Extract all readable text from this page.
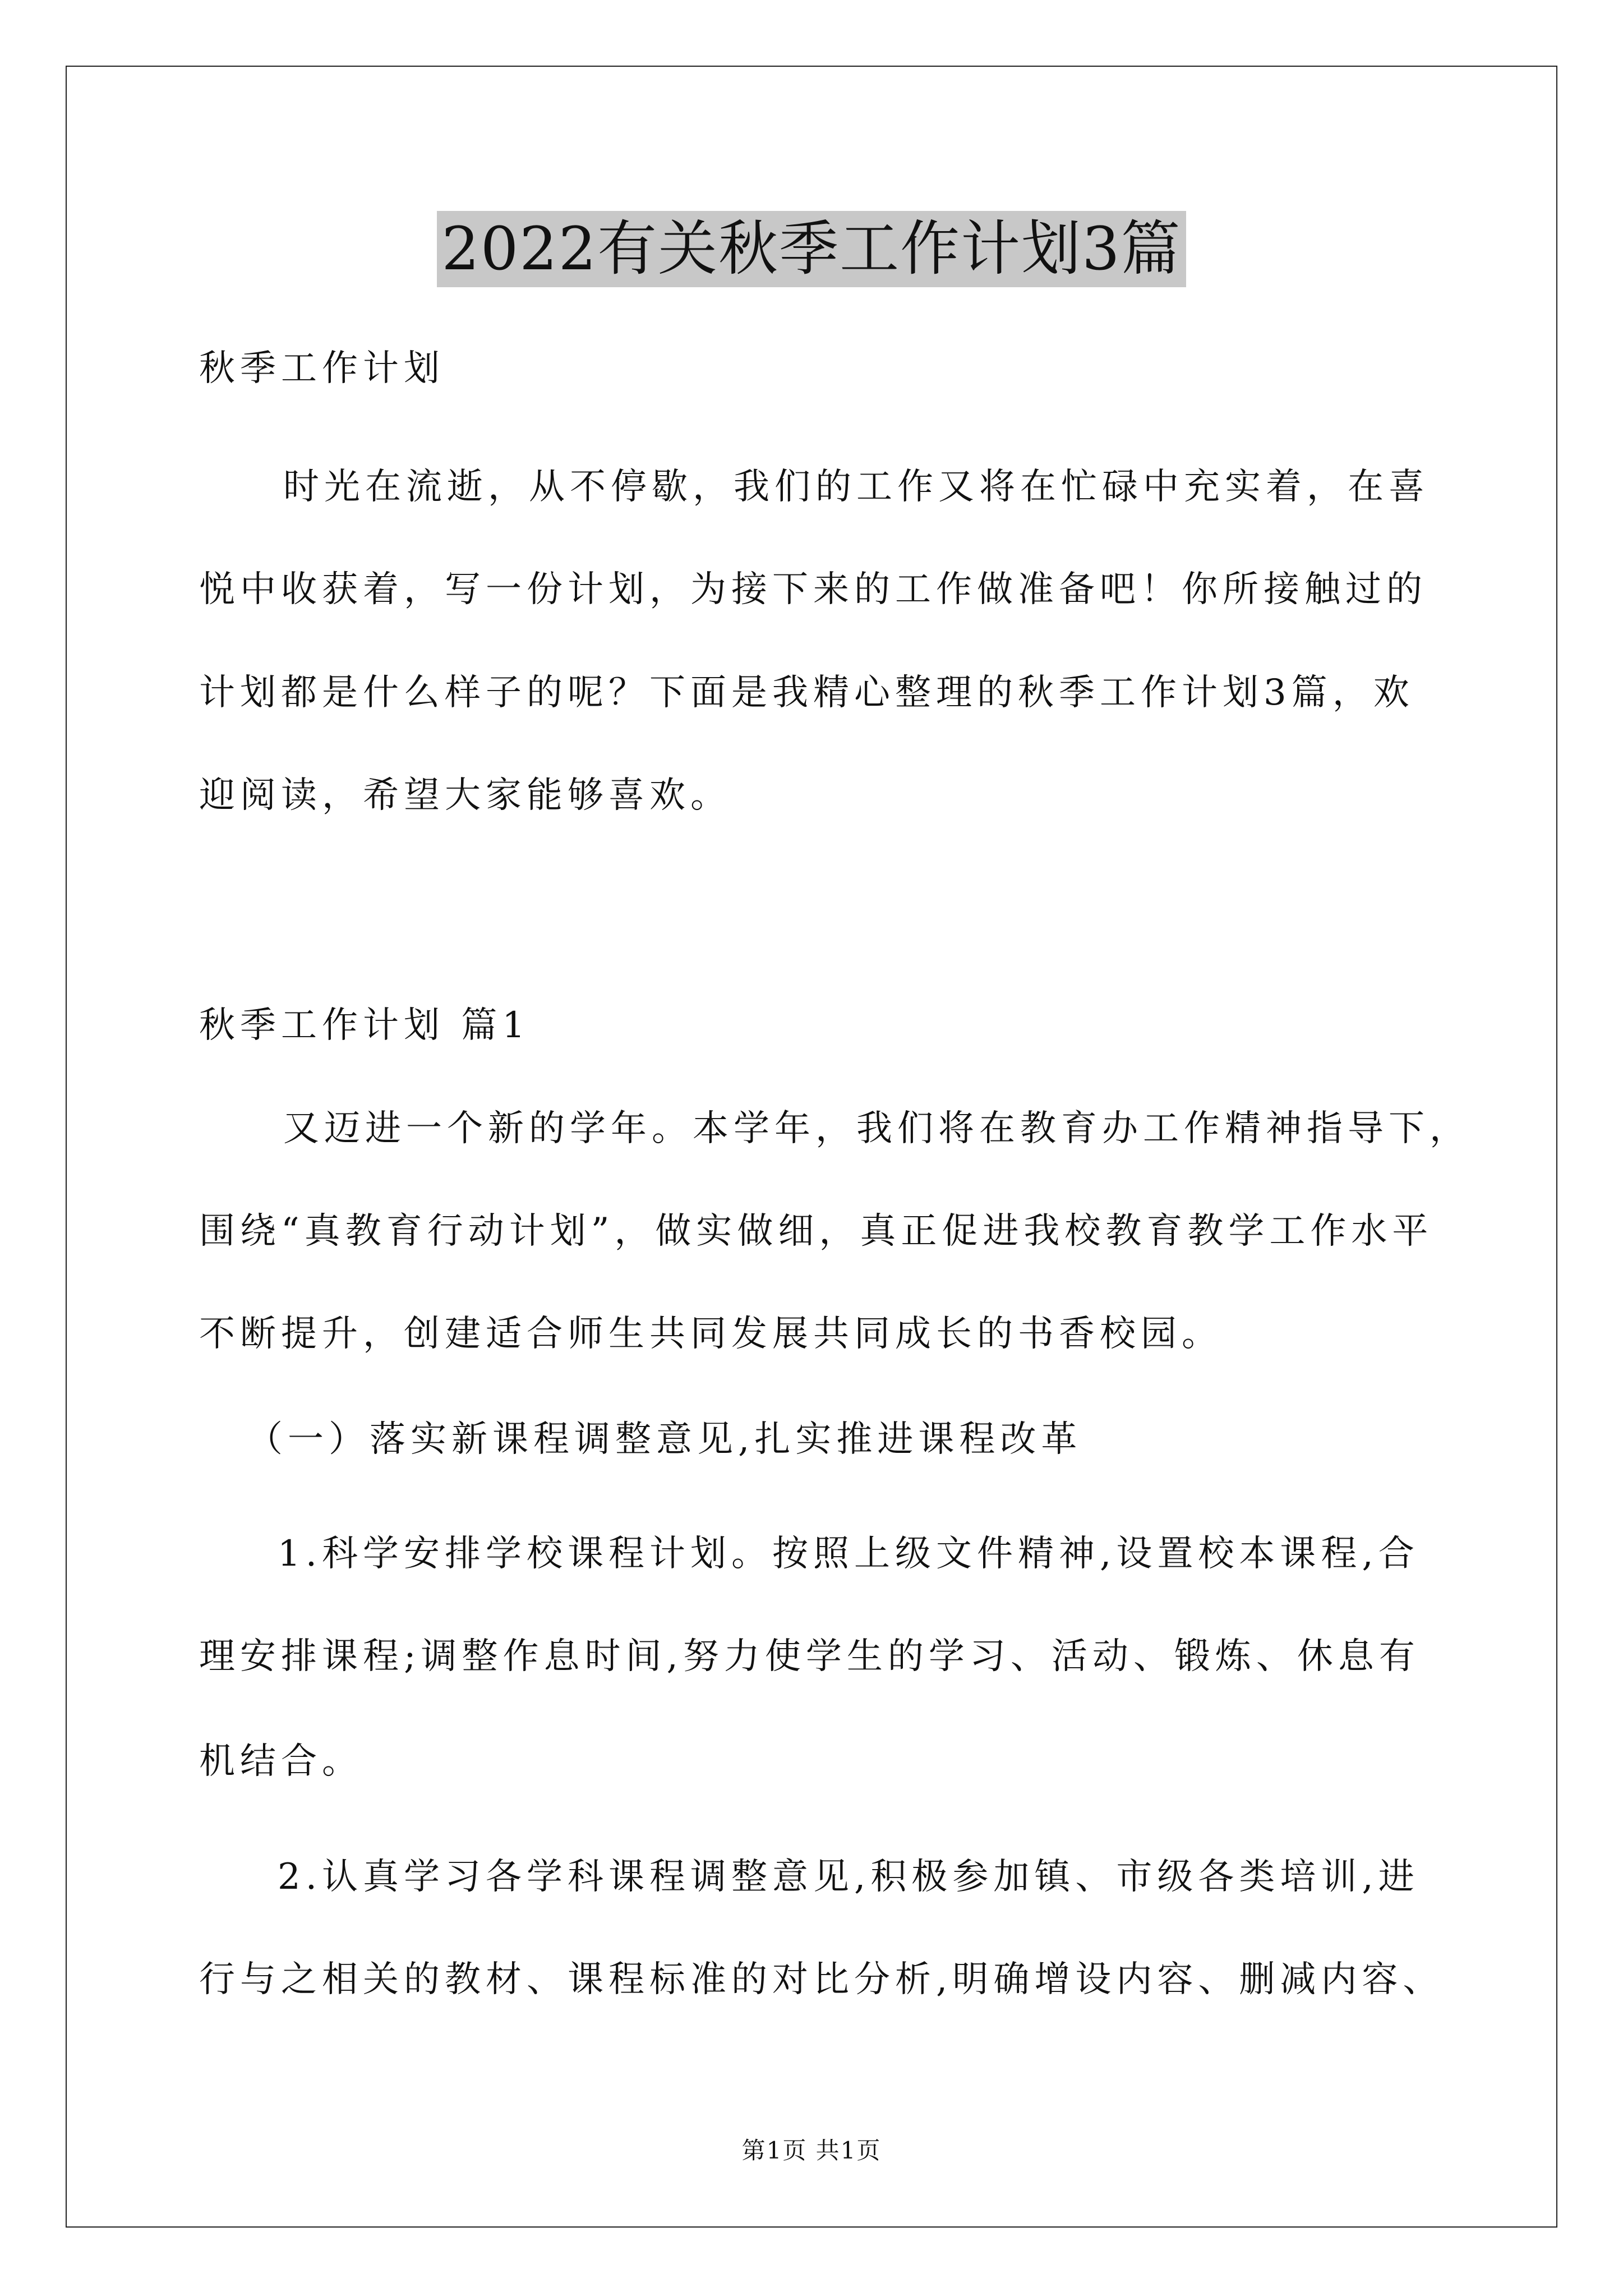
2022有关秋季工作计划3篇
秋季工作计划
时光在流逝，从不停歇，我们的工作又将在忙碌中充实着，在喜
悦中收获着，写一份计划，为接下来的工作做准备吧！你所接触过的
计划都是什么样子的呢？下面是我精心整理的秋季工作计划3篇，欢
迎阅读，希望大家能够喜欢。
秋季工作计划 篇1
又迈进一个新的学年。本学年，我们将在教育办工作精神指导下，
围绕“真教育行动计划”，做实做细，真正促进我校教育教学工作水平
不断提升，创建适合师生共同发展共同成长的书香校园。
（一）落实新课程调整意见,扎实推进课程改革
1.科学安排学校课程计划。按照上级文件精神,设置校本课程,合
理安排课程;调整作息时间,努力使学生的学习、活动、锻炼、休息有
机结合。
2.认真学习各学科课程调整意见,积极参加镇、市级各类培训,进
行与之相关的教材、课程标准的对比分析,明确增设内容、删减内容、
第1页 共1页
